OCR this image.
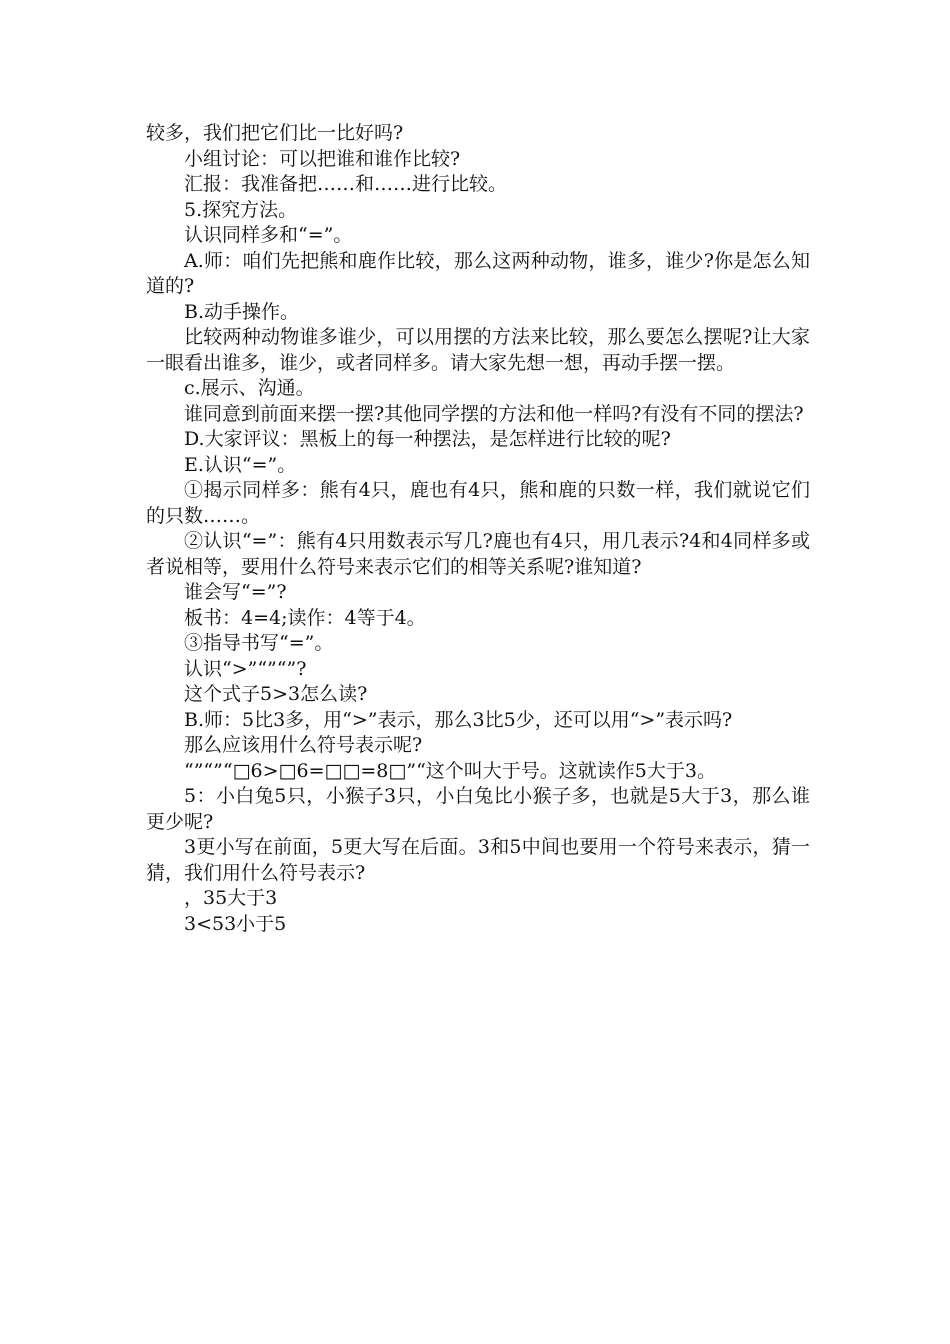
较多，我们把它们比一比好吗?

小组讨论：可以把谁和谁作比较?

汇报：我准备把……和……进行比较。

5.探究方法。

认识同样多和“=”。

A.师：咱们先把熊和鹿作比较，那么这两种动物，谁多，谁少?你是怎么知道的?

B.动手操作。

比较两种动物谁多谁少，可以用摆的方法来比较，那么要怎么摆呢?让大家一眼看出谁多，谁少，或者同样多。请大家先想一想，再动手摆一摆。

c.展示、沟通。

谁同意到前面来摆一摆?其他同学摆的方法和他一样吗?有没有不同的摆法?

D.大家评议：黑板上的每一种摆法，是怎样进行比较的呢?

E.认识“=”。

①揭示同样多：熊有4只，鹿也有4只，熊和鹿的只数一样，我们就说它们的只数……。

②认识“=”：熊有4只用数表示写几?鹿也有4只，用几表示?4和4同样多或者说相等，要用什么符号来表示它们的相等关系呢?谁知道?

谁会写“=”?

板书：4=4;读作：4等于4。

③指导书写“=”。

认识“>”“”“”?

这个式子5>3怎么读?

B.师：5比3多，用“>”表示，那么3比5少，还可以用“>”表示吗?

那么应该用什么符号表示呢?

“”“”“□6>□6=□□=8□”“这个叫大于号。这就读作5大于3。

5：小白兔5只，小猴子3只，小白兔比小猴子多，也就是5大于3，那么谁更少呢?

3更小写在前面，5更大写在后面。3和5中间也要用一个符号来表示，猜一猜，我们用什么符号表示?

，35大于3

3<53小于5
